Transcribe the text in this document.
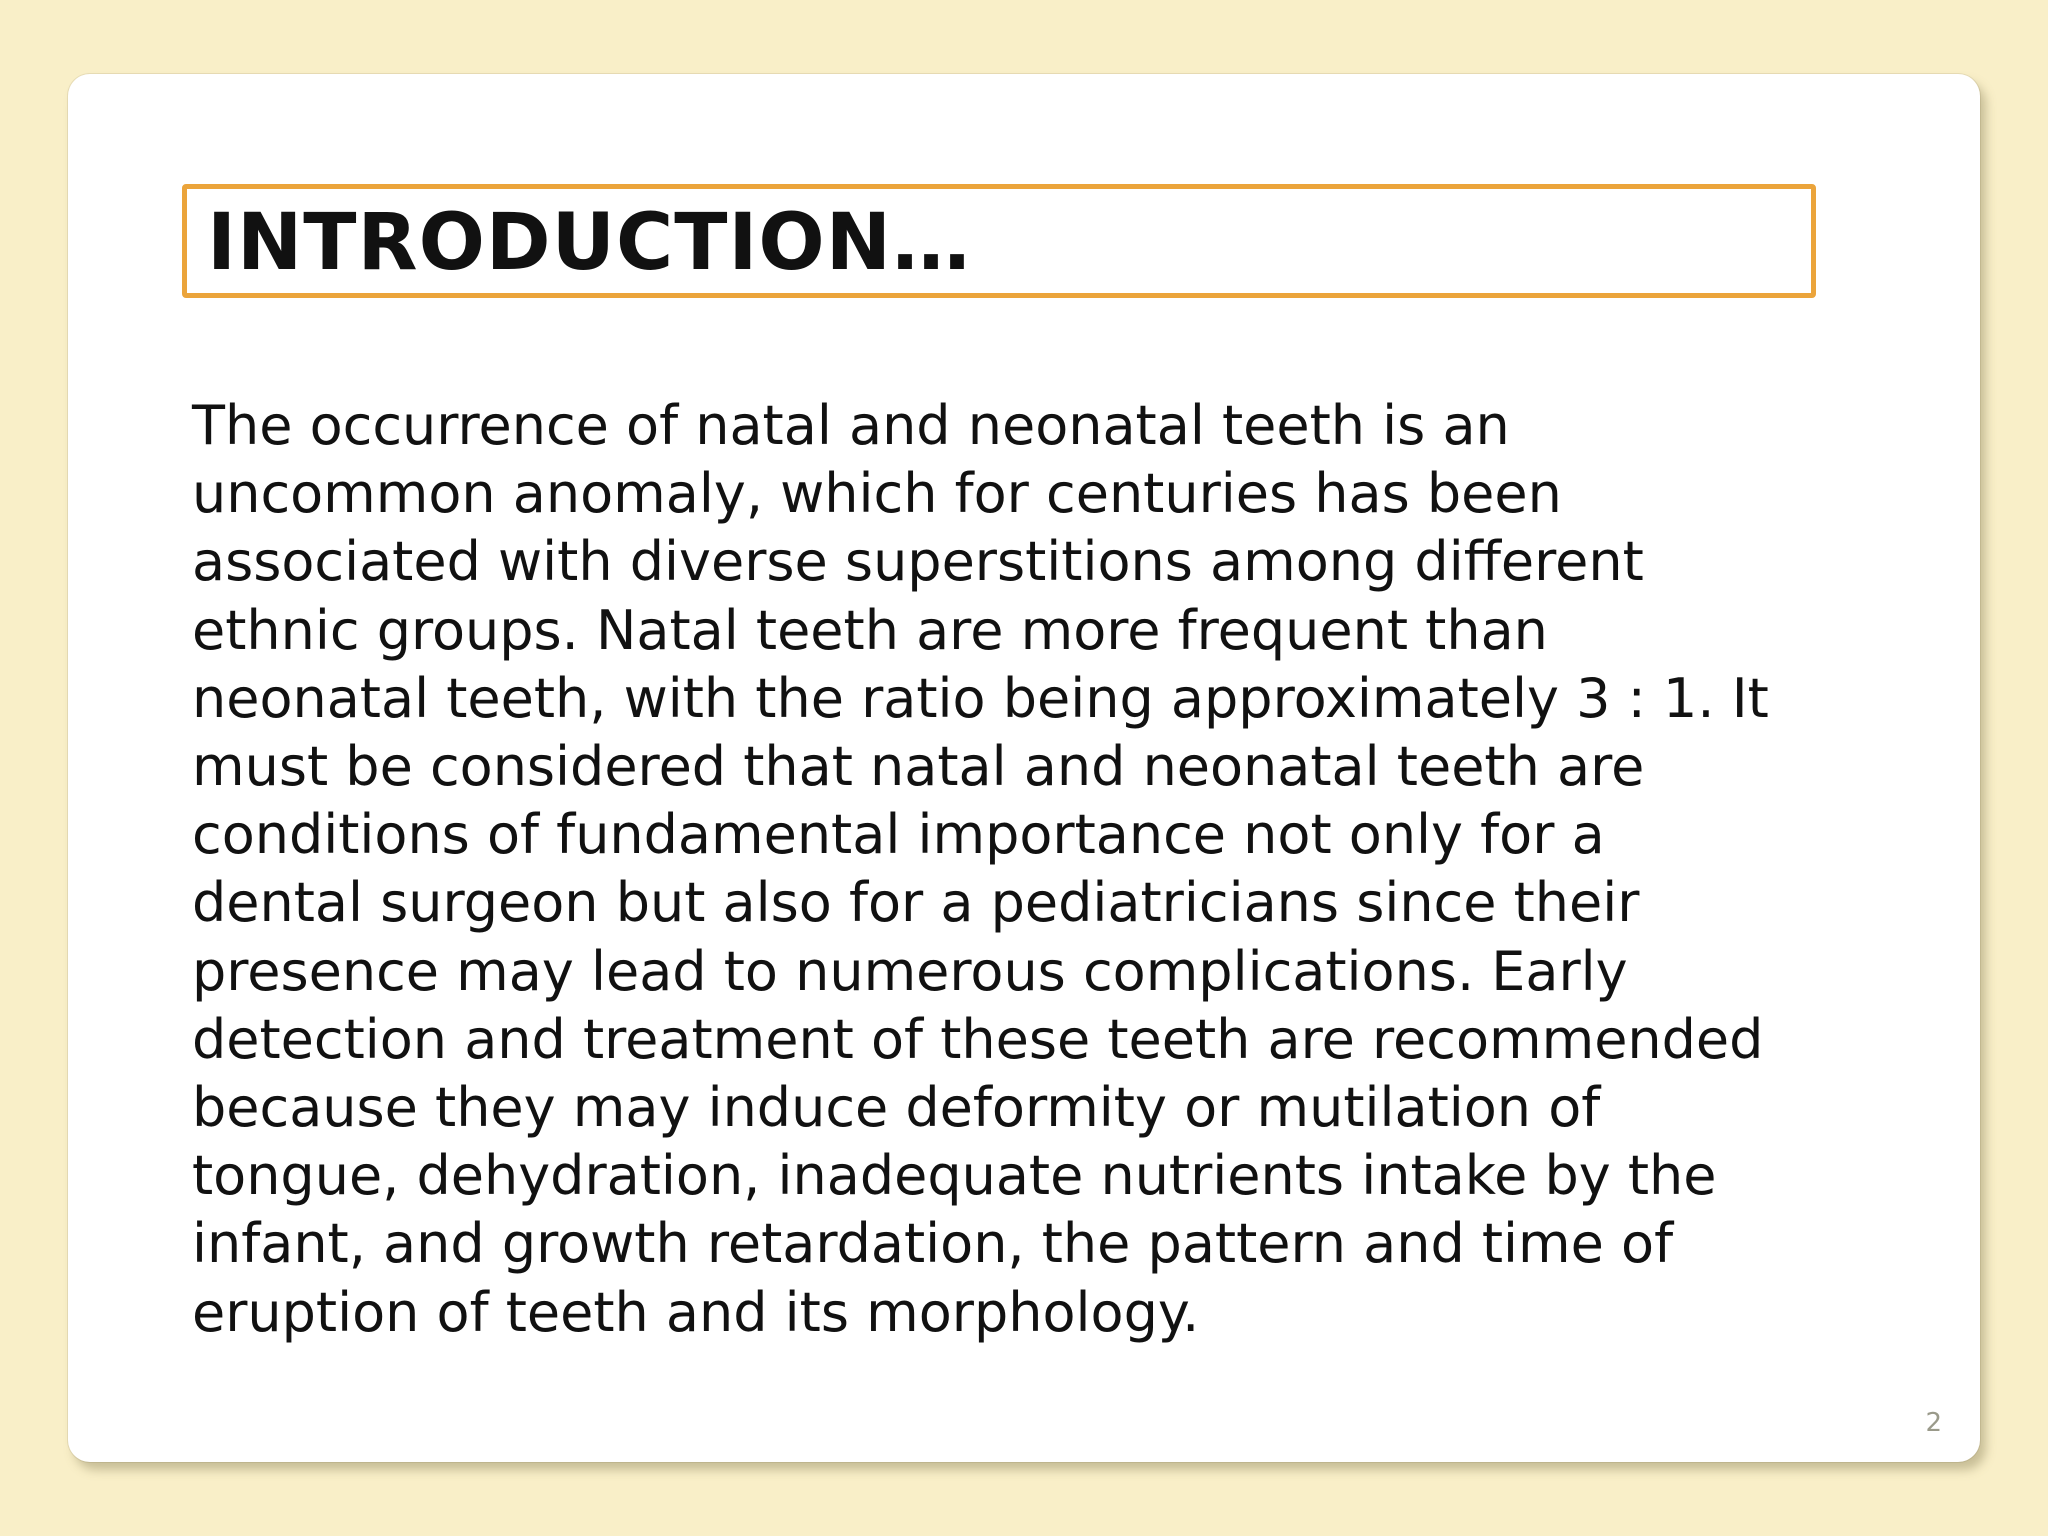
INTRODUCTION…

The occurrence of natal and neonatal teeth is an
uncommon anomaly, which for centuries has been
associated with diverse superstitions among different
ethnic groups. Natal teeth are more frequent than
neonatal teeth, with the ratio being approximately 3 : 1. It
must be considered that natal and neonatal teeth are
conditions of fundamental importance not only for a
dental surgeon but also for a pediatricians since their
presence may lead to numerous complications. Early
detection and treatment of these teeth are recommended
because they may induce deformity or mutilation of
tongue, dehydration, inadequate nutrients intake by the
infant, and growth retardation, the pattern and time of
eruption of teeth and its morphology.

2
